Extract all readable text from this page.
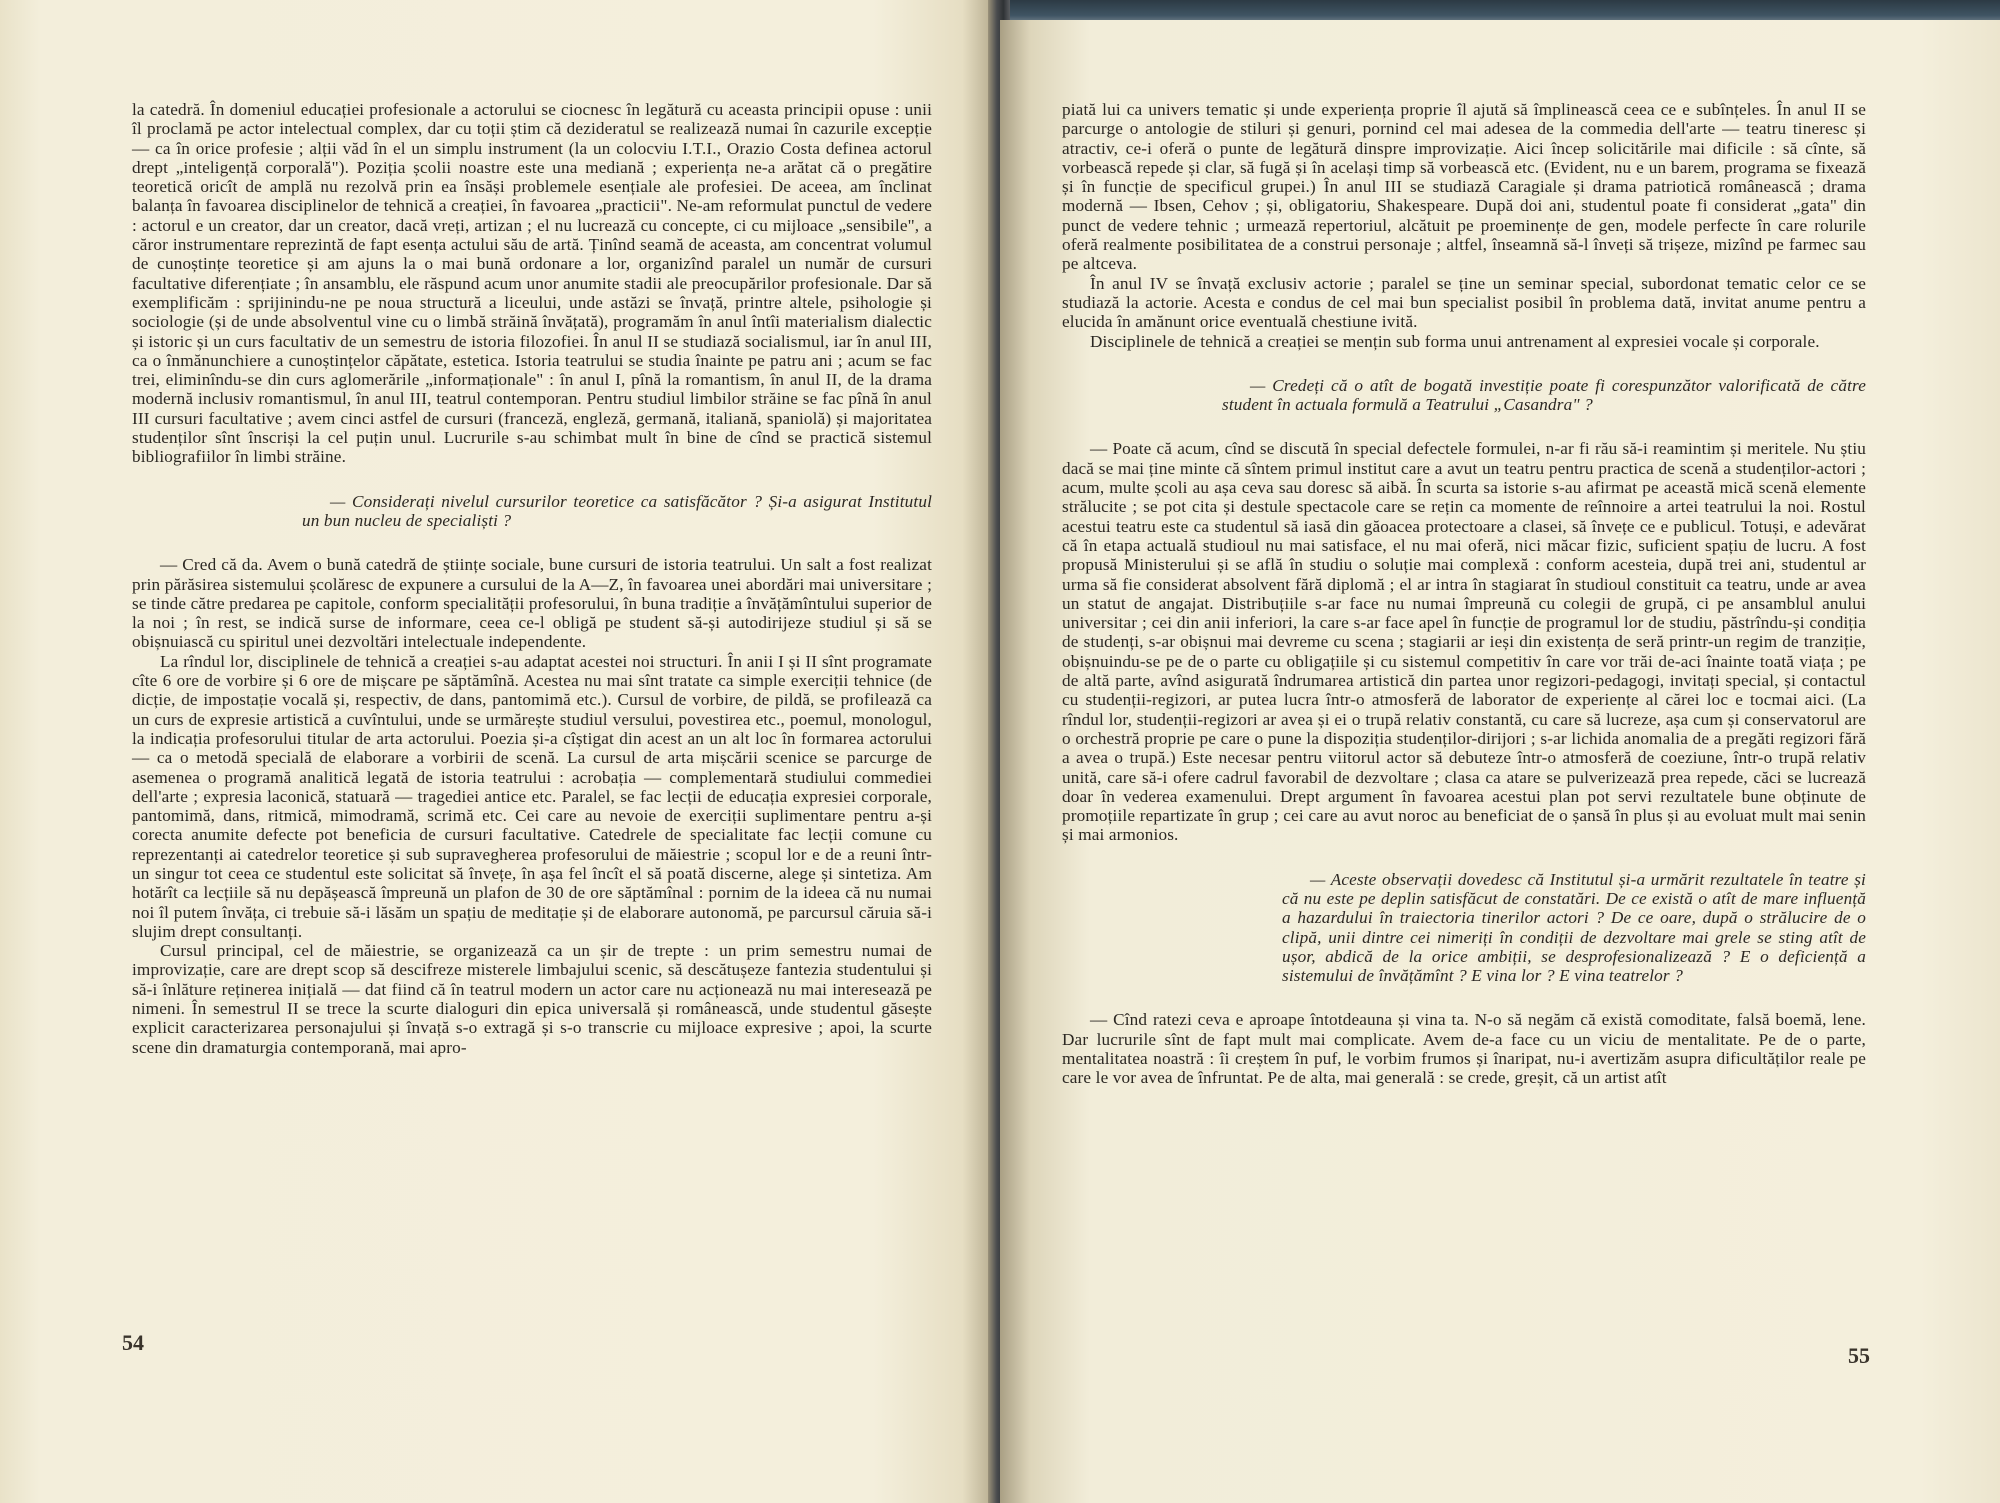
la catedră. În domeniul educației profesionale a actorului se ciocnesc în legătură cu aceasta principii opuse : unii îl proclamă pe actor intelectual complex, dar cu toții știm că dezideratul se realizează numai în cazurile excepție — ca în orice profesie ; alții văd în el un simplu instrument (la un colocviu I.T.I., Orazio Costa definea actorul drept „inteligență corporală"). Poziția școlii noastre este una mediană ; experiența ne-a arătat că o pregătire teoretică oricît de amplă nu rezolvă prin ea însăși problemele esențiale ale profesiei. De aceea, am înclinat balanța în favoarea disciplinelor de tehnică a creației, în favoarea „practicii". Ne-am reformulat punctul de vedere : actorul e un creator, dar un creator, dacă vreți, artizan ; el nu lucrează cu concepte, ci cu mijloace „sensibile", a căror instrumentare reprezintă de fapt esența actului său de artă. Ținînd seamă de aceasta, am concentrat volumul de cunoștințe teoretice și am ajuns la o mai bună ordonare a lor, organizînd paralel un număr de cursuri facultative diferențiate ; în ansamblu, ele răspund acum unor anumite stadii ale preocupărilor profesionale. Dar să exemplificăm : sprijinindu-ne pe noua structură a liceului, unde astăzi se învață, printre altele, psihologie și sociologie (și de unde absolventul vine cu o limbă străină învățată), programăm în anul întîi materialism dialectic și istoric și un curs facultativ de un semestru de istoria filozofiei. În anul II se studiază socialismul, iar în anul III, ca o înmănunchiere a cunoștințelor căpătate, estetica. Istoria teatrului se studia înainte pe patru ani ; acum se fac trei, eliminîndu-se din curs aglomerările „informaționale" : în anul I, pînă la romantism, în anul II, de la drama modernă inclusiv romantismul, în anul III, teatrul contemporan. Pentru studiul limbilor străine se fac pînă în anul III cursuri facultative ; avem cinci astfel de cursuri (franceză, engleză, germană, italiană, spaniolă) și majoritatea studenților sînt înscriși la cel puțin unul. Lucrurile s-au schimbat mult în bine de cînd se practică sistemul bibliografiilor în limbi străine.

— Considerați nivelul cursurilor teoretice ca satisfăcător ? Și-a asigurat Institutul un bun nucleu de specialiști ?

— Cred că da. Avem o bună catedră de științe sociale, bune cursuri de istoria teatrului. Un salt a fost realizat prin părăsirea sistemului școlăresc de expunere a cursului de la A—Z, în favoarea unei abordări mai universitare ; se tinde către predarea pe capitole, conform specialității profesorului, în buna tradiție a învățămîntului superior de la noi ; în rest, se indică surse de informare, ceea ce-l obligă pe student să-și autodirijeze studiul și să se obișnuiască cu spiritul unei dezvoltări intelectuale independente.

La rîndul lor, disciplinele de tehnică a creației s-au adaptat acestei noi structuri. În anii I și II sînt programate cîte 6 ore de vorbire și 6 ore de mișcare pe săptămînă. Acestea nu mai sînt tratate ca simple exerciții tehnice (de dicție, de impostație vocală și, respectiv, de dans, pantomimă etc.). Cursul de vorbire, de pildă, se profilează ca un curs de expresie artistică a cuvîntului, unde se urmărește studiul versului, povestirea etc., poemul, monologul, la indicația profesorului titular de arta actorului. Poezia și-a cîștigat din acest an un alt loc în formarea actorului — ca o metodă specială de elaborare a vorbirii de scenă. La cursul de arta mișcării scenice se parcurge de asemenea o programă analitică legată de istoria teatrului : acrobația — complementară studiului commediei dell'arte ; expresia laconică, statuară — tragediei antice etc. Paralel, se fac lecții de educația expresiei corporale, pantomimă, dans, ritmică, mimodramă, scrimă etc. Cei care au nevoie de exerciții suplimentare pentru a-și corecta anumite defecte pot beneficia de cursuri facultative. Catedrele de specialitate fac lecții comune cu reprezentanți ai catedrelor teoretice și sub supravegherea profesorului de măiestrie ; scopul lor e de a reuni într-un singur tot ceea ce studentul este solicitat să învețe, în așa fel încît el să poată discerne, alege și sintetiza. Am hotărît ca lecțiile să nu depășească împreună un plafon de 30 de ore săptămînal : pornim de la ideea că nu numai noi îl putem învăța, ci trebuie să-i lăsăm un spațiu de meditație și de elaborare autonomă, pe parcursul căruia să-i slujim drept consultanți.

Cursul principal, cel de măiestrie, se organizează ca un șir de trepte : un prim semestru numai de improvizație, care are drept scop să descifreze misterele limbajului scenic, să descătușeze fantezia studentului și să-i înlăture reținerea inițială — dat fiind că în teatrul modern un actor care nu acționează nu mai interesează pe nimeni. În semestrul II se trece la scurte dialoguri din epica universală și românească, unde studentul găsește explicit caracterizarea personajului și învață s-o extragă și s-o transcrie cu mijloace expresive ; apoi, la scurte scene din dramaturgia contemporană, mai apro-

54

piată lui ca univers tematic și unde experiența proprie îl ajută să împlinească ceea ce e subînțeles. În anul II se parcurge o antologie de stiluri și genuri, pornind cel mai adesea de la commedia dell'arte — teatru tineresc și atractiv, ce-i oferă o punte de legătură dinspre improvizație. Aici încep solicitările mai dificile : să cînte, să vorbească repede și clar, să fugă și în același timp să vorbească etc. (Evident, nu e un barem, programa se fixează și în funcție de specificul grupei.) În anul III se studiază Caragiale și drama patriotică românească ; drama modernă — Ibsen, Cehov ; și, obligatoriu, Shakespeare. După doi ani, studentul poate fi considerat „gata" din punct de vedere tehnic ; urmează repertoriul, alcătuit pe proeminențe de gen, modele perfecte în care rolurile oferă realmente posibilitatea de a construi personaje ; altfel, înseamnă să-l înveți să trișeze, mizînd pe farmec sau pe altceva.

În anul IV se învață exclusiv actorie ; paralel se ține un seminar special, subordonat tematic celor ce se studiază la actorie. Acesta e condus de cel mai bun specialist posibil în problema dată, invitat anume pentru a elucida în amănunt orice eventuală chestiune ivită.

Disciplinele de tehnică a creației se mențin sub forma unui antrenament al expresiei vocale și corporale.

— Credeți că o atît de bogată investiție poate fi corespunzător valorificată de către student în actuala formulă a Teatrului „Casandra" ?

— Poate că acum, cînd se discută în special defectele formulei, n-ar fi rău să-i reamintim și meritele. Nu știu dacă se mai ține minte că sîntem primul institut care a avut un teatru pentru practica de scenă a studenților-actori ; acum, multe școli au așa ceva sau doresc să aibă. În scurta sa istorie s-au afirmat pe această mică scenă elemente strălucite ; se pot cita și destule spectacole care se rețin ca momente de reînnoire a artei teatrului la noi. Rostul acestui teatru este ca studentul să iasă din găoacea protectoare a clasei, să învețe ce e publicul. Totuși, e adevărat că în etapa actuală studioul nu mai satisface, el nu mai oferă, nici măcar fizic, suficient spațiu de lucru. A fost propusă Ministerului și se află în studiu o soluție mai complexă : conform acesteia, după trei ani, studentul ar urma să fie considerat absolvent fără diplomă ; el ar intra în stagiarat în studioul constituit ca teatru, unde ar avea un statut de angajat. Distribuțiile s-ar face nu numai împreună cu colegii de grupă, ci pe ansamblul anului universitar ; cei din anii inferiori, la care s-ar face apel în funcție de programul lor de studiu, păstrîndu-și condiția de studenți, s-ar obișnui mai devreme cu scena ; stagiarii ar ieși din existența de seră printr-un regim de tranziție, obișnuindu-se pe de o parte cu obligațiile și cu sistemul competitiv în care vor trăi de-aci înainte toată viața ; pe de altă parte, avînd asigurată îndrumarea artistică din partea unor regizori-pedagogi, invitați special, și contactul cu studenții-regizori, ar putea lucra într-o atmosferă de laborator de experiențe al cărei loc e tocmai aici. (La rîndul lor, studenții-regizori ar avea și ei o trupă relativ constantă, cu care să lucreze, așa cum și conservatorul are o orchestră proprie pe care o pune la dispoziția studenților-dirijori ; s-ar lichida anomalia de a pregăti regizori fără a avea o trupă.) Este necesar pentru viitorul actor să debuteze într-o atmosferă de coeziune, într-o trupă relativ unită, care să-i ofere cadrul favorabil de dezvoltare ; clasa ca atare se pulverizează prea repede, căci se lucrează doar în vederea examenului. Drept argument în favoarea acestui plan pot servi rezultatele bune obținute de promoțiile repartizate în grup ; cei care au avut noroc au beneficiat de o șansă în plus și au evoluat mult mai senin și mai armonios.

— Aceste observații dovedesc că Institutul și-a urmărit rezultatele în teatre și că nu este pe deplin satisfăcut de constatări. De ce există o atît de mare influență a hazardului în traiectoria tinerilor actori ? De ce oare, după o strălucire de o clipă, unii dintre cei nimeriți în condiții de dezvoltare mai grele se sting atît de ușor, abdică de la orice ambiții, se desprofesionalizează ? E o deficiență a sistemului de învățămînt ? E vina lor ? E vina teatrelor ?

— Cînd ratezi ceva e aproape întotdeauna și vina ta. N-o să negăm că există comoditate, falsă boemă, lene. Dar lucrurile sînt de fapt mult mai complicate. Avem de-a face cu un viciu de mentalitate. Pe de o parte, mentalitatea noastră : îi creștem în puf, le vorbim frumos și înaripat, nu-i avertizăm asupra dificultăților reale pe care le vor avea de înfruntat. Pe de alta, mai generală : se crede, greșit, că un artist atît

55
